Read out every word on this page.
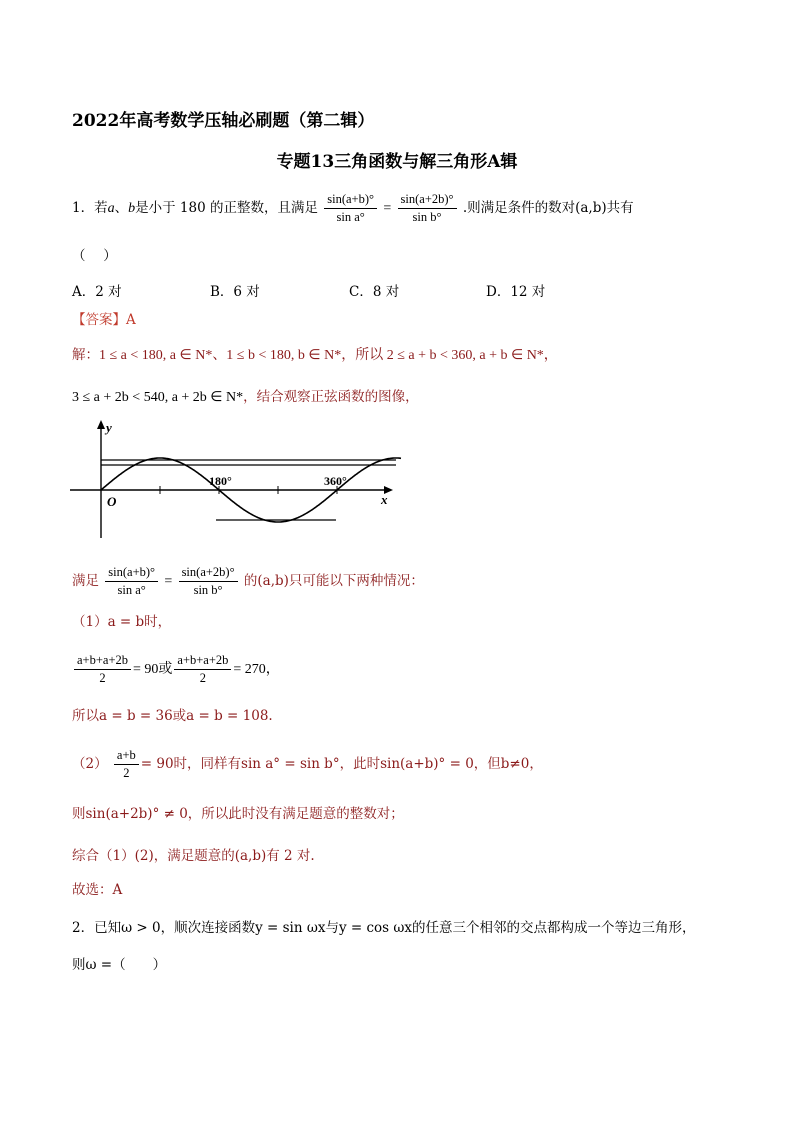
2022年高考数学压轴必刷题（第二辑）
专题13三角函数与解三角形A辑
1．若a、b是小于 180 的正整数，且满足 $\frac{\sin(a+b)^\circ}{\text{sin a°}} = \frac{\sin(a+2b)^\circ}{\text{sin b°}}$ .则满足条件的数对(a,b)共有
（　 ）
A．2 对	B．6 对	C．8 对	D．12 对
【答案】A
解：1 ≤ a < 180, a ∈ N*、1 ≤ b < 180, b ∈ N*，所以 2 ≤ a + b < 360, a + b ∈ N*，
3 ≤ a + 2b < 540, a + 2b ∈ N*，结合观察正弦函数的图像，
y
x
O
180°	360°
满足 $\frac{\sin(a+b)^\circ}{\text{sin a°}} = \frac{\sin(a+2b)^\circ}{\text{sin b°}}$ 的(a,b)只可能以下两种情况：
（1）a = b时，
$\frac{a+b+a+2b}{2} = 90$或 $\frac{a+b+a+2b}{2} = 270$，
所以a = b = 36或a = b = 108.
$(2) \frac{a+b}{2} = 90$时，同样有sin a° = sin b°，此时sin(a+b)° = 0，但b≠0，
则sin(a+2b)° ≠ 0，所以此时没有满足题意的整数对；
综合（1）(2)，满足题意的(a,b)有 2 对.
故选：A
2．已知ω > 0，顺次连接函数y = sin ωx与y = cos ωx的任意三个相邻的交点都构成一个等边三角形，
则ω =（　　）
